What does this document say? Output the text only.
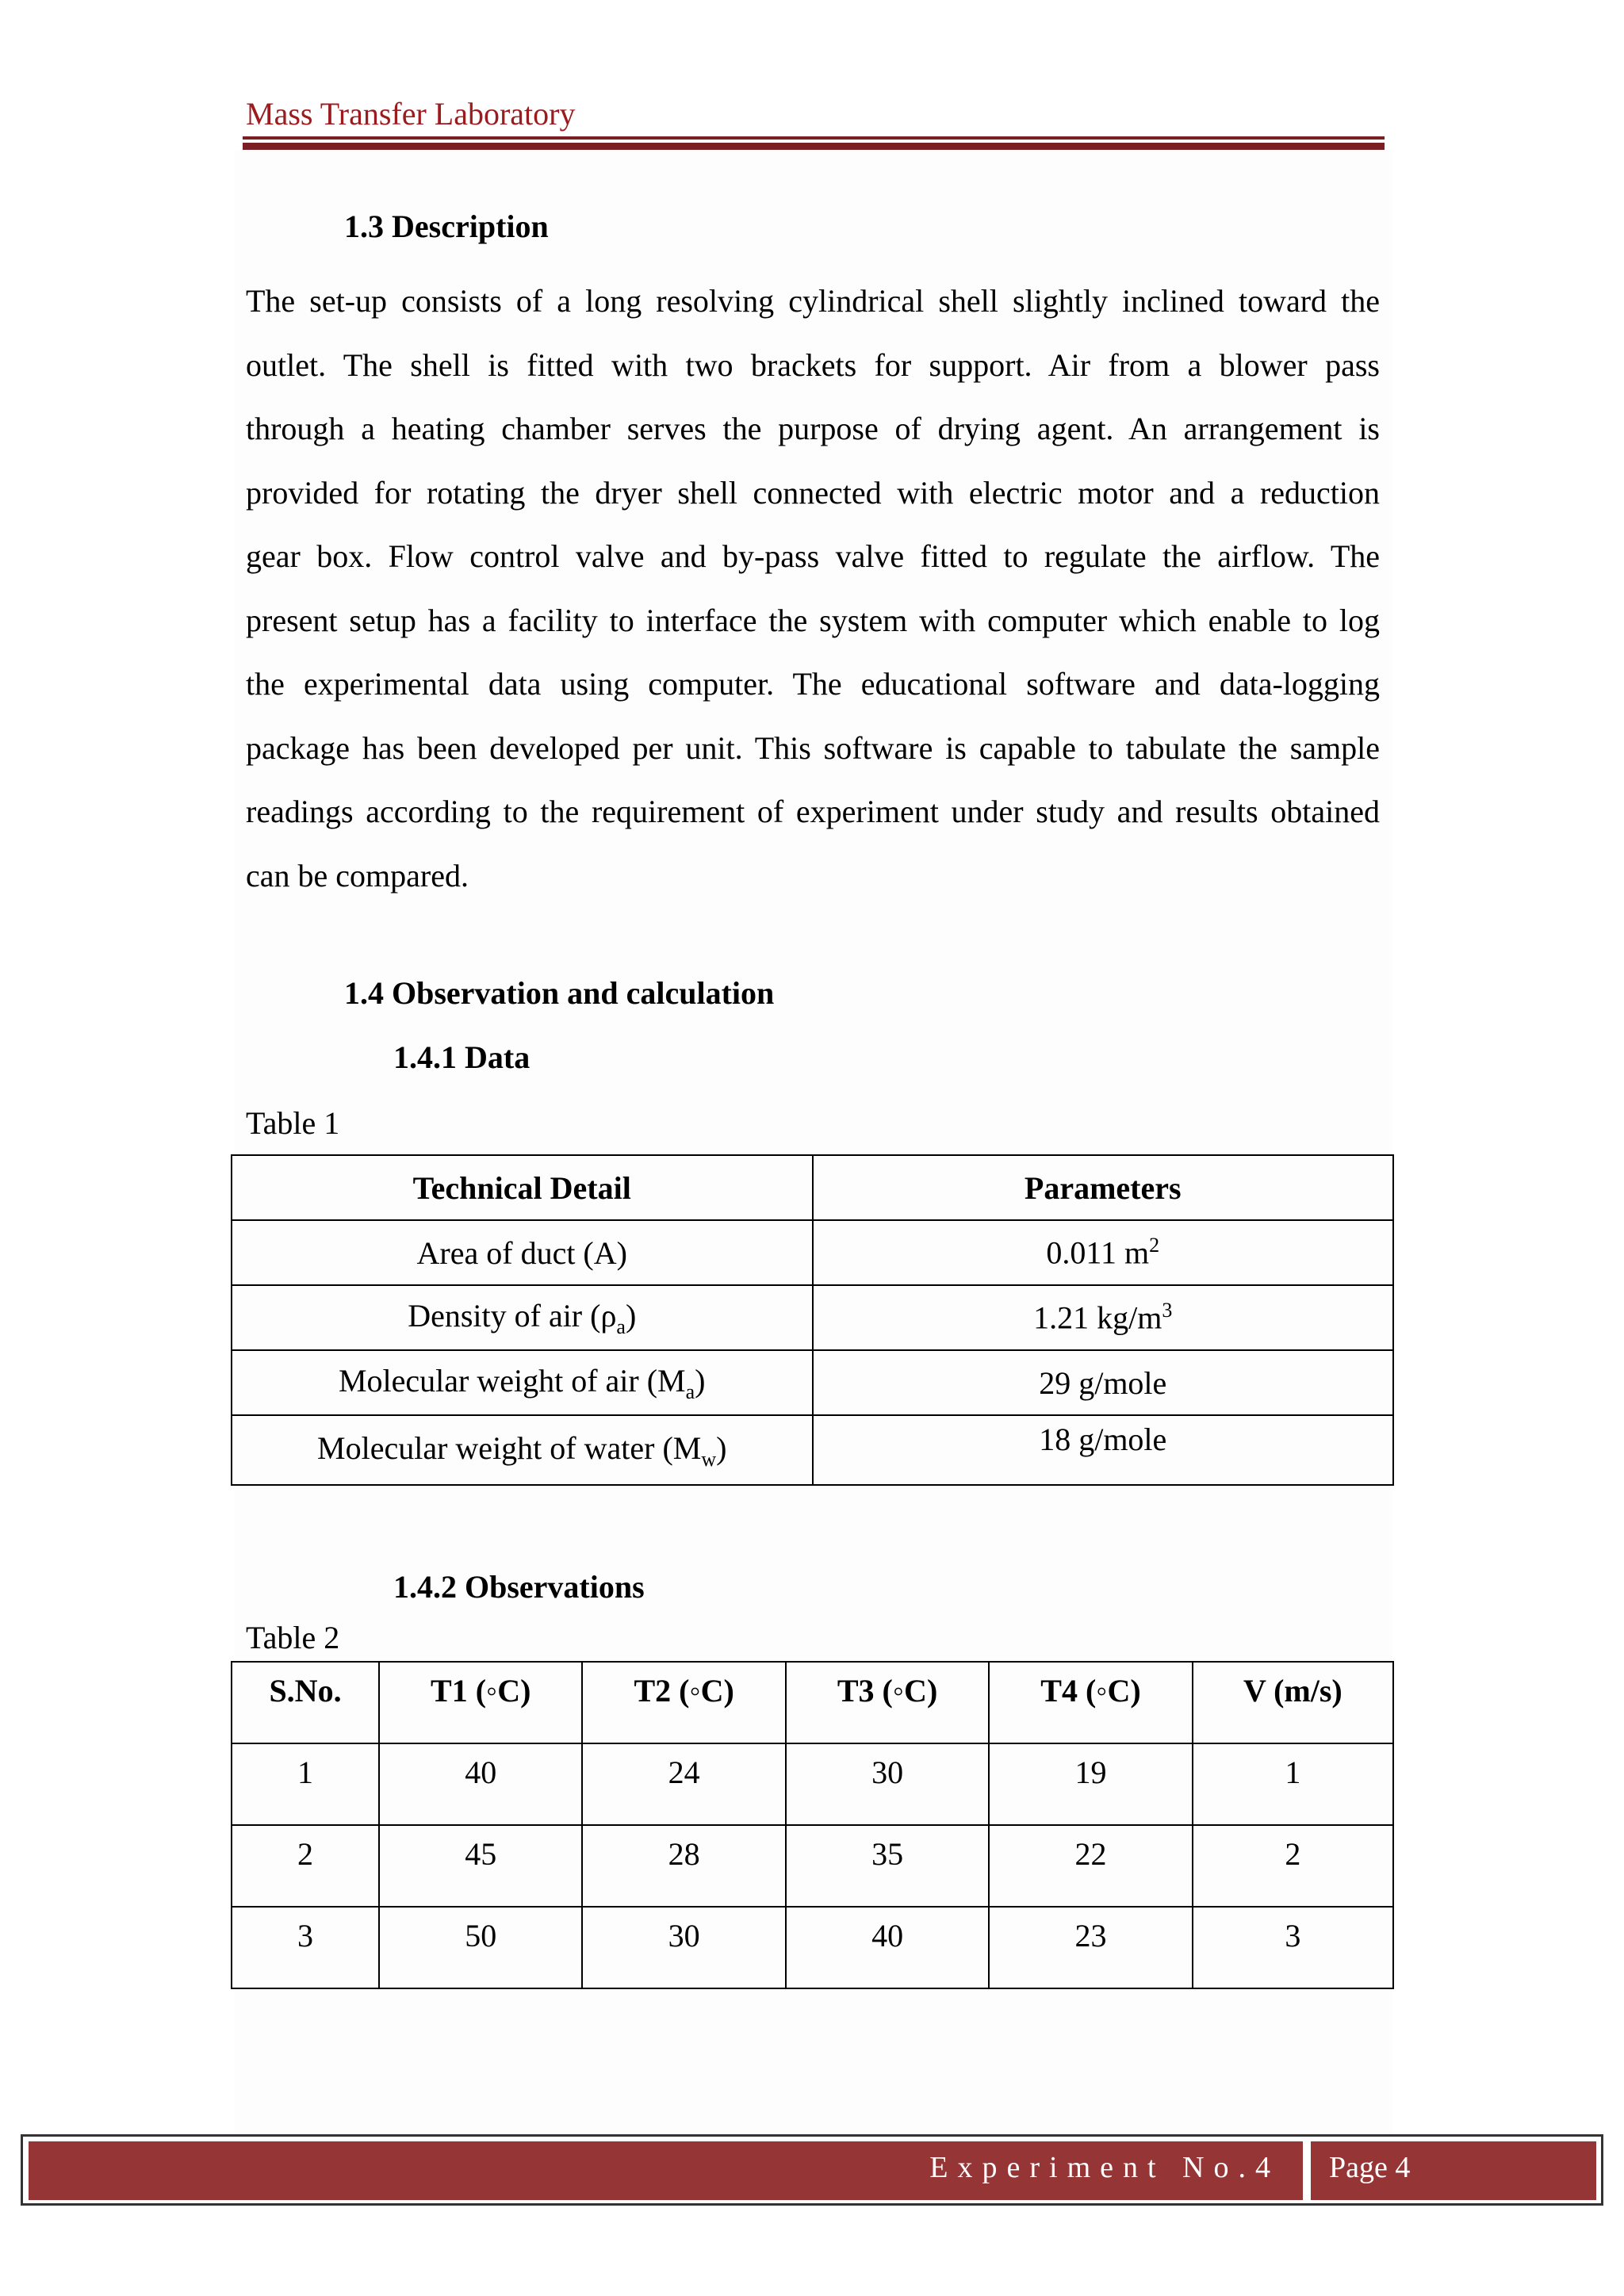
Mass Transfer Laboratory
1.3 Description
The set-up consists of a long resolving cylindrical shell slightly inclined toward the
outlet. The shell is fitted with two brackets for support. Air from a blower pass
through a heating chamber serves the purpose of drying agent. An arrangement is
provided for rotating the dryer shell connected with electric motor and a reduction
gear box. Flow control valve and by-pass valve fitted to regulate the airflow. The
present setup has a facility to interface the system with computer which enable to log
the experimental data using computer. The educational software and data-logging
package has been developed per unit. This software is capable to tabulate the sample
readings according to the requirement of experiment under study and results obtained
can be compared.
1.4 Observation and calculation
1.4.1 Data
Table 1
Technical Detail	Parameters
Area of duct (A)	0.011 $m^2$
Density of air $(\rho_a)$	1.21 $kg/m^3$
Molecular weight of air $(M_a)$	29 g/mole
Molecular weight of water $(M_w)$	18 g/mole
1.4.2 Observations
Table 2
S.No.	T1 (◦C)	T2 (◦C)	T3 (◦C)	T4 (◦C)	V (m/s)
1	40	24	30	19	1
2	45	28	35	22	2
3	50	30	40	23	3
Experiment No.4 Page 4
